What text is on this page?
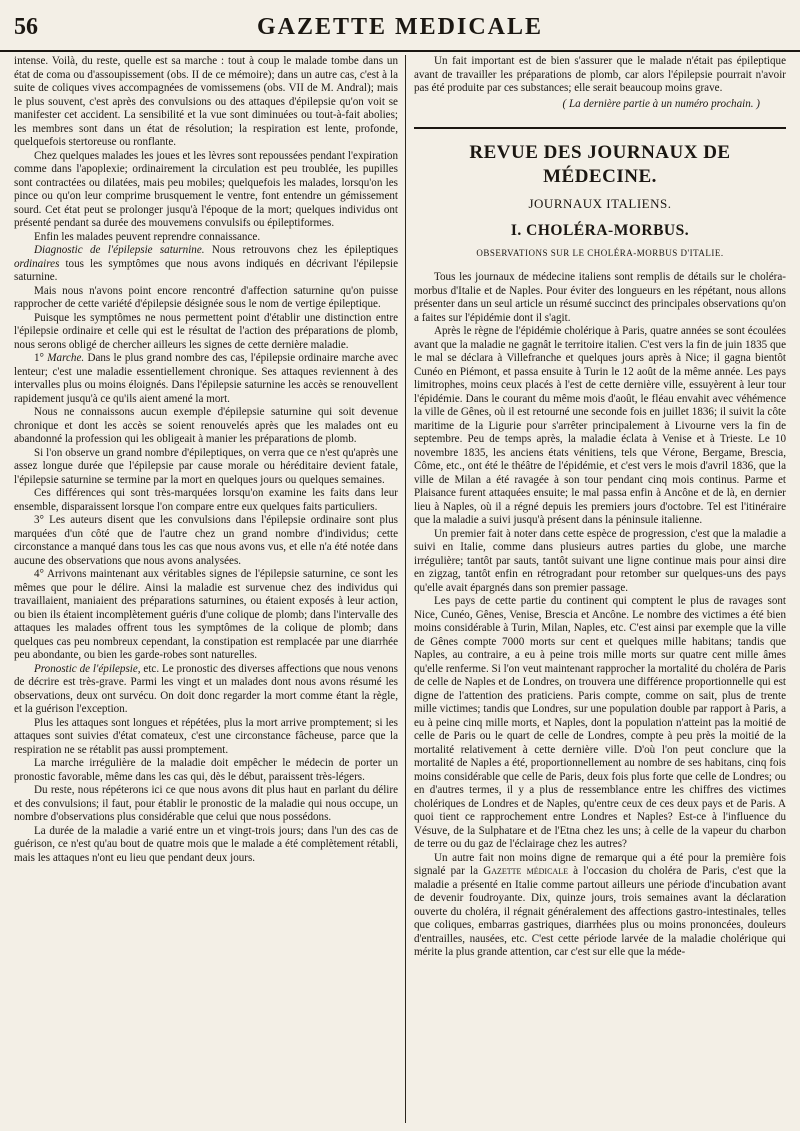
56	GAZETTE MEDICALE

intense. Voilà, du reste, quelle est sa marche : tout à coup le malade tombe dans un état de coma ou d'assoupissement (obs. II de ce mémoire); dans un autre cas, c'est à la suite de coliques vives accompagnées de vomissemens (obs. VII de M. Andral); mais le plus souvent, c'est après des convulsions ou des attaques d'épilepsie qu'on voit se manifester cet accident. La sensibilité et la vue sont diminuées ou tout-à-fait abolies; les membres sont dans un état de résolution; la respiration est lente, profonde, quelquefois stertoreuse ou ronflante.

Chez quelques malades les joues et les lèvres sont repoussées pendant l'expiration comme dans l'apoplexie; ordinairement la circulation est peu troublée, les pupilles sont contractées ou dilatées, mais peu mobiles; quelquefois les malades, lorsqu'on les pince ou qu'on leur comprime brusquement le ventre, font entendre un gémissement sourd. Cet état peut se prolonger jusqu'à l'époque de la mort; quelques individus ont présenté pendant sa durée des mouvemens convulsifs ou épileptiformes.

Enfin les malades peuvent reprendre connaissance.

Diagnostic de l'épilepsie saturnine. Nous retrouvons chez les épileptiques ordinaires tous les symptômes que nous avons indiqués en décrivant l'épilepsie saturnine.

Mais nous n'avons point encore rencontré d'affection saturnine qu'on puisse rapprocher de cette variété d'épilepsie désignée sous le nom de vertige épileptique.

Puisque les symptômes ne nous permettent point d'établir une distinction entre l'épilepsie ordinaire et celle qui est le résultat de l'action des préparations de plomb, nous serons obligé de chercher ailleurs les signes de cette dernière maladie.

1° Marche. Dans le plus grand nombre des cas, l'épilepsie ordinaire marche avec lenteur; c'est une maladie essentiellement chronique. Ses attaques reviennent à des intervalles plus ou moins éloignés. Dans l'épilepsie saturnine les accès se renouvellent rapidement jusqu'à ce qu'ils aient amené la mort.

Nous ne connaissons aucun exemple d'épilepsie saturnine qui soit devenue chronique et dont les accès se soient renouvelés après que les malades ont eu abandonné la profession qui les obligeait à manier les préparations de plomb.

Si l'on observe un grand nombre d'épileptiques, on verra que ce n'est qu'après une assez longue durée que l'épilepsie par cause morale ou héréditaire devient fatale, l'épilepsie saturnine se termine par la mort en quelques jours ou quelques semaines.

Ces différences qui sont très-marquées lorsqu'on examine les faits dans leur ensemble, disparaissent lorsque l'on compare entre eux quelques faits particuliers.

3° Les auteurs disent que les convulsions dans l'épilepsie ordinaire sont plus marquées d'un côté que de l'autre chez un grand nombre d'individus; cette circonstance a manqué dans tous les cas que nous avons vus, et elle n'a été notée dans aucune des observations que nous avons analysées.

4° Arrivons maintenant aux véritables signes de l'épilepsie saturnine, ce sont les mêmes que pour le délire. Ainsi la maladie est survenue chez des individus qui travaillaient, maniaient des préparations saturnines, ou étaient exposés à leur action, ou bien ils étaient incomplètement guéris d'une colique de plomb; dans l'intervalle des attaques les malades offrent tous les symptômes de la colique de plomb; dans quelques cas peu nombreux cependant, la constipation est remplacée par une diarrhée peu abondante, ou bien les garde-robes sont naturelles.

Pronostic de l'épilepsie, etc. Le pronostic des diverses affections que nous venons de décrire est très-grave. Parmi les vingt et un malades dont nous avons résumé les observations, deux ont survécu. On doit donc regarder la mort comme étant la règle, et la guérison l'exception.

Plus les attaques sont longues et répétées, plus la mort arrive promptement; si les attaques sont suivies d'état comateux, c'est une circonstance fâcheuse, parce que la respiration ne se rétablit pas aussi promptement.

La marche irrégulière de la maladie doit empêcher le médecin de porter un pronostic favorable, même dans les cas qui, dès le début, paraissent très-légers.

Du reste, nous répéterons ici ce que nous avons dit plus haut en parlant du délire et des convulsions; il faut, pour établir le pronostic de la maladie qui nous occupe, un nombre d'observations plus considérable que celui que nous possédons.

La durée de la maladie a varié entre un et vingt-trois jours; dans l'un des cas de guérison, ce n'est qu'au bout de quatre mois que le malade a été complètement rétabli, mais les attaques n'ont eu lieu que pendant deux jours.

Un fait important est de bien s'assurer que le malade n'était pas épileptique avant de travailler les préparations de plomb, car alors l'épilepsie pourrait n'avoir pas été produite par ces substances; elle serait beaucoup moins grave.

( La dernière partie à un numéro prochain. )
REVUE DES JOURNAUX DE MÉDECINE.
JOURNAUX ITALIENS.
I. CHOLÉRA-MORBUS.
OBSERVATIONS SUR LE CHOLÉRA-MORBUS D'ITALIE.

Tous les journaux de médecine italiens sont remplis de détails sur le choléra-morbus d'Italie et de Naples. Pour éviter des longueurs en les répétant, nous allons présenter dans un seul article un résumé succinct des principales observations qu'on a faites sur l'épidémie dont il s'agit.

Après le règne de l'épidémie cholérique à Paris, quatre années se sont écoulées avant que la maladie ne gagnât le territoire italien. C'est vers la fin de juin 1835 que le mal se déclara à Villefranche et quelques jours après à Nice; il gagna bientôt Cunéo en Piémont, et passa ensuite à Turin le 12 août de la même année. Les pays limitrophes, moins ceux placés à l'est de cette dernière ville, essuyèrent à leur tour l'épidémie. Dans le courant du même mois d'août, le fléau envahit avec véhémence la ville de Gênes, où il est retourné une seconde fois en juillet 1836; il suivit la côte maritime de la Ligurie pour s'arrêter principalement à Livourne vers la fin de septembre. Peu de temps après, la maladie éclata à Venise et à Trieste. Le 10 novembre 1835, les anciens états vénitiens, tels que Vérone, Bergame, Brescia, Côme, etc., ont été le théâtre de l'épidémie, et c'est vers le mois d'avril 1836, que la ville de Milan a été ravagée à son tour pendant cinq mois continus. Parme et Plaisance furent attaquées ensuite; le mal passa enfin à Ancône et de là, en dernier lieu à Naples, où il a régné depuis les premiers jours d'octobre. Tel est l'itinéraire que la maladie a suivi jusqu'à présent dans la péninsule italienne.

Un premier fait à noter dans cette espèce de progression, c'est que la maladie a suivi en Italie, comme dans plusieurs autres parties du globe, une marche irrégulière; tantôt par sauts, tantôt suivant une ligne continue mais pour ainsi dire en zigzag, tantôt enfin en rétrogradant pour retomber sur quelques-uns des pays qu'elle avait épargnés dans son premier passage.

Les pays de cette partie du continent qui comptent le plus de ravages sont Nice, Cunéo, Gênes, Venise, Brescia et Ancône. Le nombre des victimes a été bien moins considérable à Turin, Milan, Naples, etc. C'est ainsi par exemple que la ville de Gênes compte 7000 morts sur cent et quelques mille habitans; tandis que Naples, au contraire, a eu à peine trois mille morts sur quatre cent mille âmes qu'elle renferme. Si l'on veut maintenant rapprocher la mortalité du choléra de Paris de celle de Naples et de Londres, on trouvera une différence proportionnelle qui est digne de l'attention des praticiens. Paris compte, comme on sait, plus de trente mille victimes; tandis que Londres, sur une population double par rapport à Paris, a eu à peine cinq mille morts, et Naples, dont la population n'atteint pas la moitié de celle de Paris ou le quart de celle de Londres, compte à peu près la moitié de la mortalité relativement à cette dernière ville. D'où l'on peut conclure que la mortalité de Naples a été, proportionnellement au nombre de ses habitans, cinq fois moins considérable que celle de Paris, deux fois plus forte que celle de Londres; ou en d'autres termes, il y a plus de ressemblance entre les chiffres des victimes cholériques de Londres et de Naples, qu'entre ceux de ces deux pays et de Paris. A quoi tient ce rapprochement entre Londres et Naples? Est-ce à l'influence du Vésuve, de la Sulphatare et de l'Etna chez les uns; à celle de la vapeur du charbon de terre ou du gaz de l'éclairage chez les autres?

Un autre fait non moins digne de remarque qui a été pour la première fois signalé par la Gazette médicale à l'occasion du choléra de Paris, c'est que la maladie a présenté en Italie comme partout ailleurs une période d'incubation avant de devenir foudroyante. Dix, quinze jours, trois semaines avant la déclaration ouverte du choléra, il régnait généralement des affections gastro-intestinales, telles que coliques, embarras gastriques, diarrhées plus ou moins prononcées, douleurs d'entrailles, nausées, etc. C'est cette période larvée de la maladie cholérique qui mérite la plus grande attention, car c'est sur elle que la méde-
